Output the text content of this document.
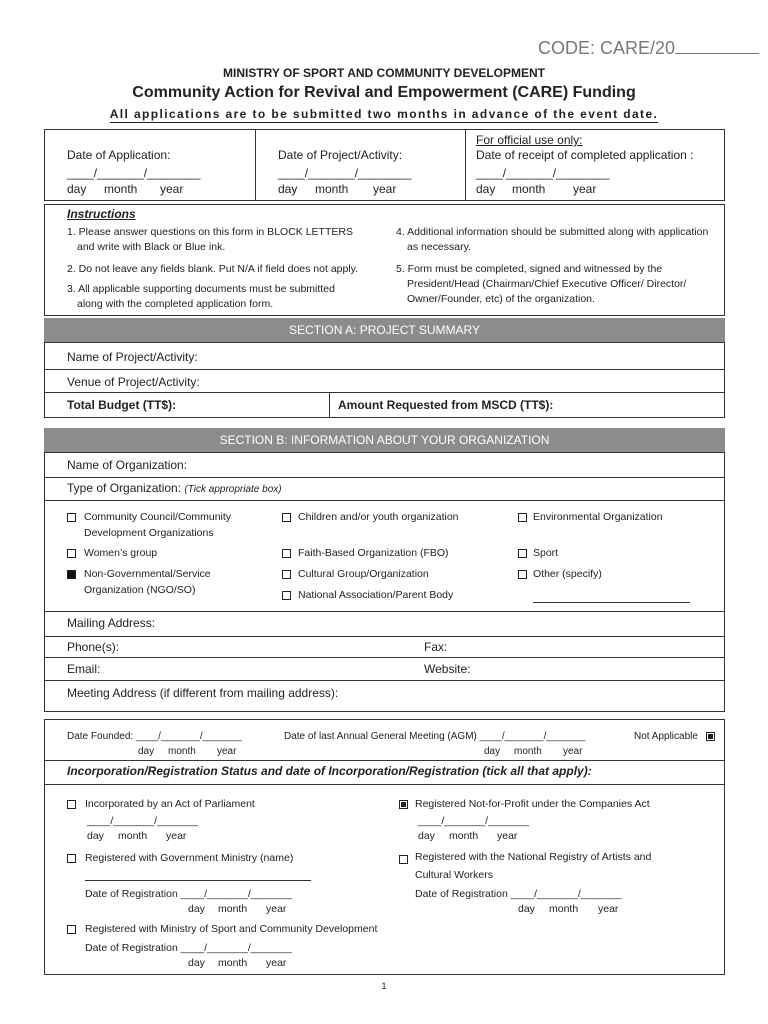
CODE: CARE/20
MINISTRY OF SPORT AND COMMUNITY DEVELOPMENT
Community Action for Revival and Empowerment (CARE) Funding
All applications are to be submitted two months in advance of the event date.
Date of Application:
____/_______/________
day month year
Date of Project/Activity:
____/_______/________
day month year
For official use only:
Date of receipt of completed application :
____/_______/________
day month year
Instructions
1. Please answer questions on this form in BLOCK LETTERS
and write with Black or Blue ink.
2. Do not leave any fields blank. Put N/A if field does not apply.
3. All applicable supporting documents must be submitted
along with the completed application form.
4. Additional information should be submitted along with application
as necessary.
5. Form must be completed, signed and witnessed by the
President/Head (Chairman/Chief Executive Officer/ Director/
Owner/Founder, etc) of the organization.
SECTION A: PROJECT SUMMARY
Name of Project/Activity:
Venue of Project/Activity:
Total Budget (TT$):	Amount Requested from MSCD (TT$):
SECTION B: INFORMATION ABOUT YOUR ORGANIZATION
Name of Organization:
Type of Organization: (Tick appropriate box)
Community Council/Community
Development Organizations
Women’s group
Non-Governmental/Service
Organization (NGO/SO)
Children and/or youth organization
Faith-Based Organization (FBO)
Cultural Group/Organization
National Association/Parent Body
Environmental Organization
Sport
Other (specify)
Mailing Address:
Phone(s):	Fax:
Email:	Website:
Meeting Address (if different from mailing address):
Date Founded: ____/_______/_______
day month year
Date of last Annual General Meeting (AGM) ____/_______/_______
day month year
Not Applicable
Incorporation/Registration Status and date of Incorporation/Registration (tick all that apply):
Incorporated by an Act of Parliament
____/_______/_______
day month year
Registered Not-for-Profit under the Companies Act
____/_______/_______
day month year
Registered with Government Ministry (name)
Date of Registration ____/_______/_______
day month year
Registered with the National Registry of Artists and
Cultural Workers
Date of Registration ____/_______/_______
day month year
Registered with Ministry of Sport and Community Development
Date of Registration ____/_______/_______
day month year
1
